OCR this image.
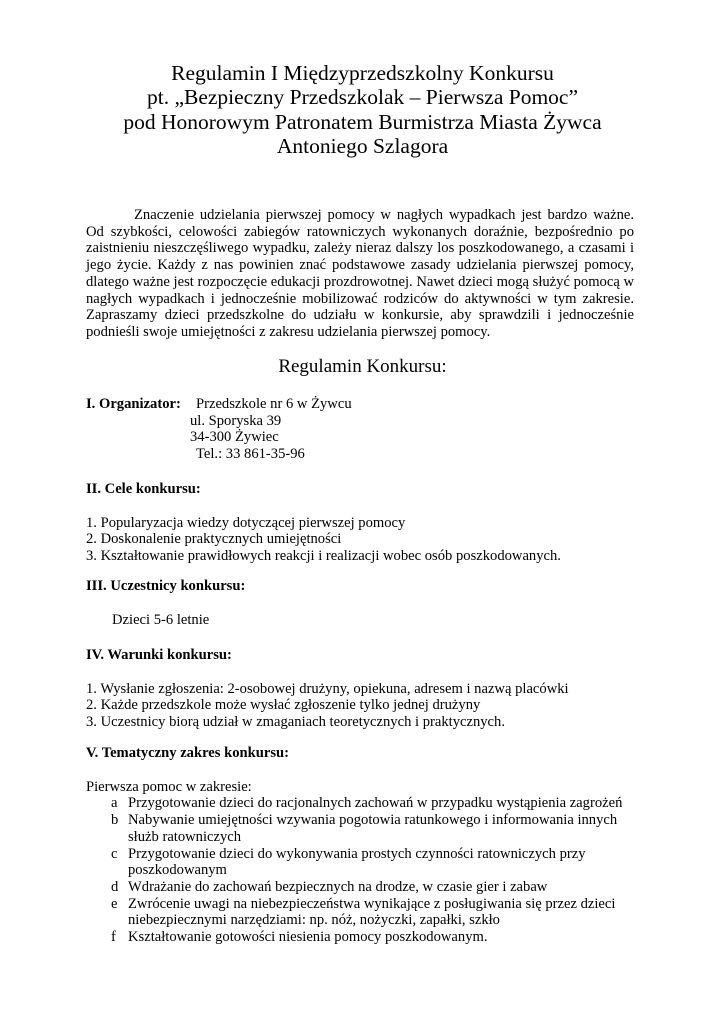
Regulamin I Międzyprzedszkolny Konkursu
pt. „Bezpieczny Przedszkolak – Pierwsza Pomoc”
pod Honorowym Patronatem Burmistrza Miasta Żywca
Antoniego Szlagora

Znaczenie udzielania pierwszej pomocy w nagłych wypadkach jest bardzo ważne. Od szybkości, celowości zabiegów ratowniczych wykonanych doraźnie, bezpośrednio po zaistnieniu nieszczęśliwego wypadku, zależy nieraz dalszy los poszkodowanego, a czasami i jego życie. Każdy z nas powinien znać podstawowe zasady udzielania pierwszej pomocy, dlatego ważne jest rozpoczęcie edukacji prozdrowotnej. Nawet dzieci mogą służyć pomocą w nagłych wypadkach i jednocześnie mobilizować rodziców do aktywności w tym zakresie. Zapraszamy dzieci przedszkolne do udziału w konkursie, aby sprawdzili i jednocześnie podnieśli swoje umiejętności z zakresu udzielania pierwszej pomocy.

Regulamin Konkursu:
I. Organizator:	Przedszkole nr 6 w Żywcu
ul. Sporyska 39
34-300 Żywiec
Tel.: 33 861-35-96
II. Cele konkursu:
1. Popularyzacja wiedzy dotyczącej pierwszej pomocy
2. Doskonalenie praktycznych umiejętności
3. Kształtowanie prawidłowych reakcji i realizacji wobec osób poszkodowanych.
III. Uczestnicy konkursu:
Dzieci 5-6 letnie
IV. Warunki konkursu:
1. Wysłanie zgłoszenia: 2-osobowej drużyny, opiekuna, adresem i nazwą placówki
2. Każde przedszkole może wysłać zgłoszenie tylko jednej drużyny
3. Uczestnicy biorą udział w zmaganiach teoretycznych i praktycznych.
V. Tematyczny zakres konkursu:
Pierwsza pomoc w zakresie:
a Przygotowanie dzieci do racjonalnych zachowań w przypadku wystąpienia zagrożeń
b Nabywanie umiejętności wzywania pogotowia ratunkowego i informowania innych służb ratowniczych
c Przygotowanie dzieci do wykonywania prostych czynności ratowniczych przy poszkodowanym
d Wdrażanie do zachowań bezpiecznych na drodze, w czasie gier i zabaw
e Zwrócenie uwagi na niebezpieczeństwa wynikające z posługiwania się przez dzieci niebezpiecznymi narzędziami: np. nóż, nożyczki, zapałki, szkło
f Kształtowanie gotowości niesienia pomocy poszkodowanym.
